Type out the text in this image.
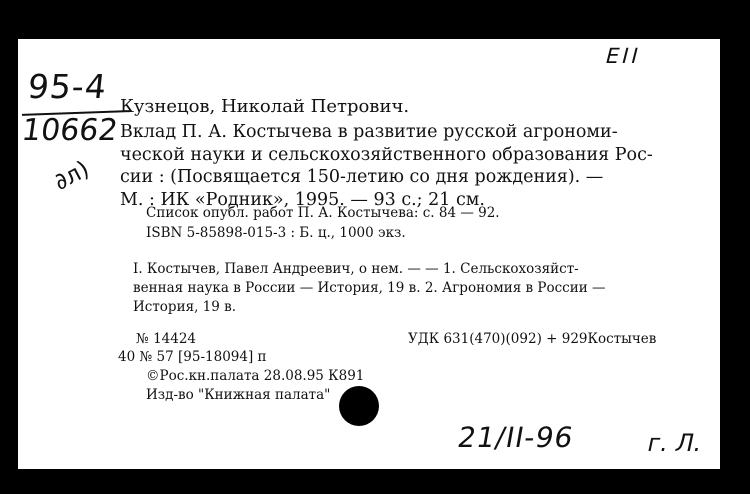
95-4
10662
∂л)
ЕII
Кузнецов, Николай Петрович.
Вклад П. А. Костычева в развитие русской агрономи-
ческой науки и сельскохозяйственного образования Рос-
сии : (Посвящается 150-летию со дня рождения). —
М. : ИК «Родник», 1995. — 93 с.; 21 см.
Список опубл. работ П. А. Костычева: с. 84 — 92.
ISBN 5-85898-015-3 : Б. ц., 1000 экз.
I. Костычев, Павел Андреевич, о нем. — — 1. Сельскохозяйст-
венная наука в России — История, 19 в. 2. Агрономия в России —
История, 19 в.
№ 14424	УДК 631(470)(092) + 929Костычев
40 № 57 [95-18094] п
©Рос.кн.палата 28.08.95 К891
Изд-во "Книжная палата"
21/II-96	г. Л.
